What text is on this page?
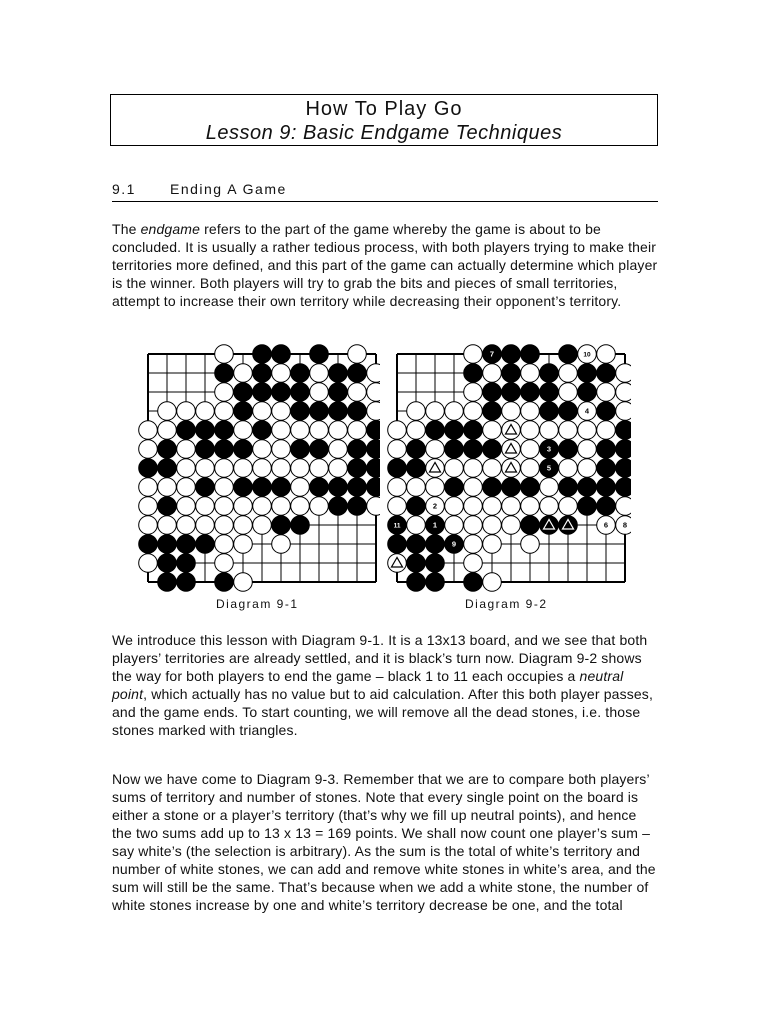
How To Play Go
Lesson 9: Basic Endgame Techniques
9.1 Ending A Game

The endgame refers to the part of the game whereby the game is about to be concluded. It is usually a rather tedious process, with both players trying to make their territories more defined, and this part of the game can actually determine which player is the winner. Both players will try to grab the bits and pieces of small territories, attempt to increase their own territory while decreasing their opponent’s territory.

7	10
4
3
5
2
11	1	6 8
9
Diagram 9-1	Diagram 9-2

We introduce this lesson with Diagram 9-1. It is a 13x13 board, and we see that both players’ territories are already settled, and it is black’s turn now. Diagram 9-2 shows the way for both players to end the game – black 1 to 11 each occupies a neutral point, which actually has no value but to aid calculation. After this both player passes, and the game ends. To start counting, we will remove all the dead stones, i.e. those stones marked with triangles.

Now we have come to Diagram 9-3. Remember that we are to compare both players’ sums of territory and number of stones. Note that every single point on the board is either a stone or a player’s territory (that’s why we fill up neutral points), and hence the two sums add up to 13 x 13 = 169 points. We shall now count one player’s sum – say white’s (the selection is arbitrary). As the sum is the total of white’s territory and number of white stones, we can add and remove white stones in white’s area, and the sum will still be the same. That’s because when we add a white stone, the number of white stones increase by one and white’s territory decrease be one, and the total
